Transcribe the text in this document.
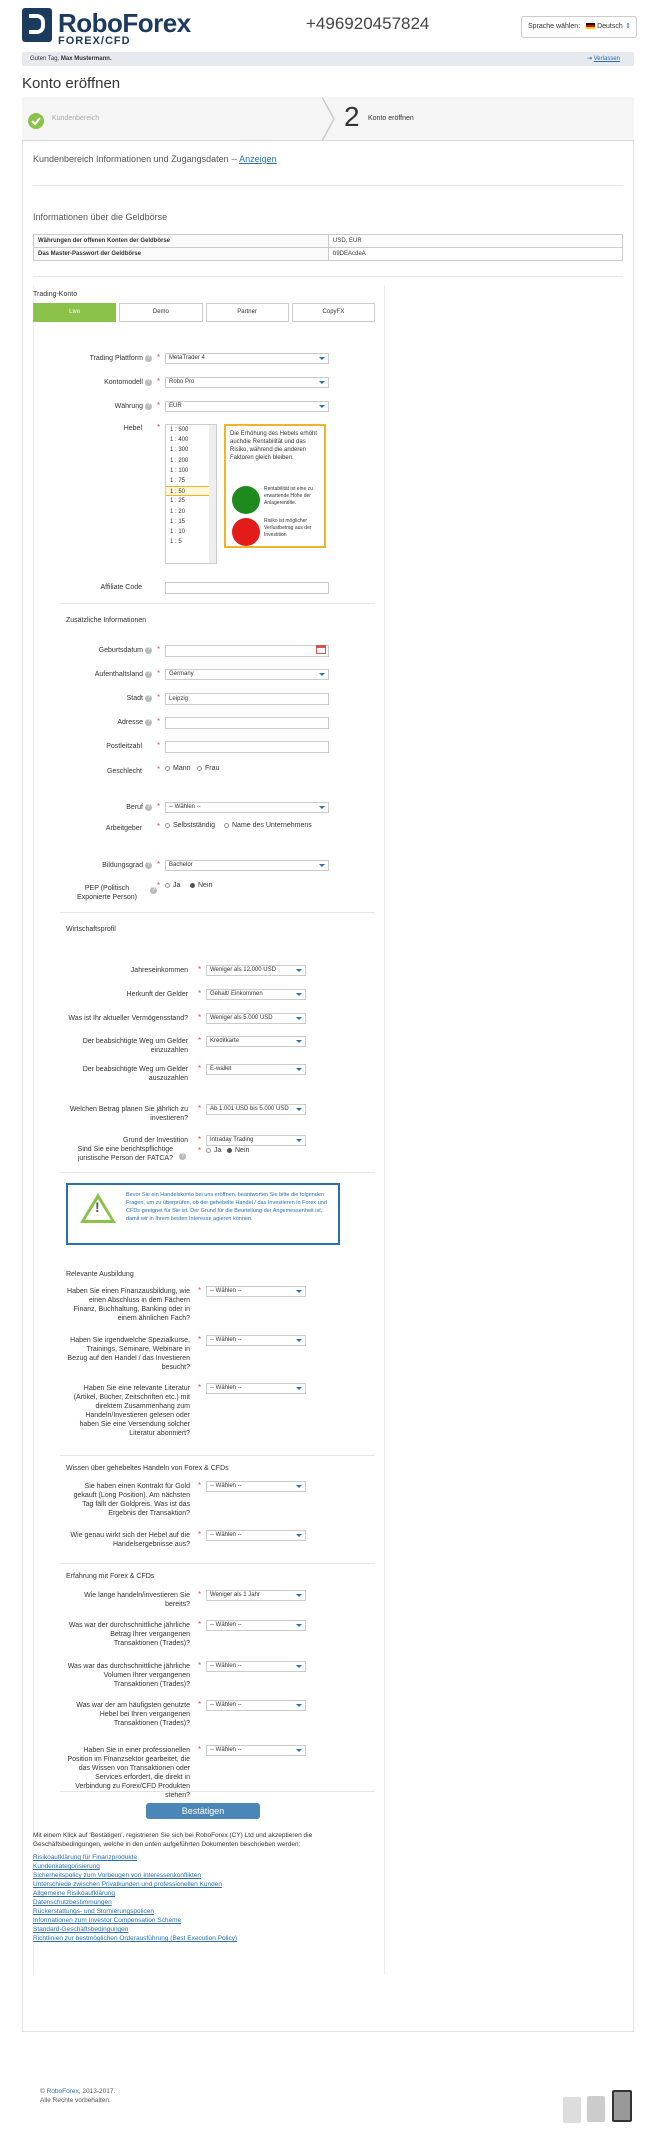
RoboForex
FOREX/CFD
+496920457824	Sprache wählen: Deutsch ⇕
Guten Tag, Max Mustermann.	⇥ Verlassen
Konto eröffnen
Kundenbereich	2 Konto eröffnen
Kundenbereich Informationen und Zugangsdaten -- Anzeigen
Informationen über die Geldbörse
Währungen der offenen Konten der Geldbörse	USD, EUR
Das Master-Passwort der Geldbörse	b9DEAcdeA
Trading-Konto
Live	Demo	Partner	CopyFX
Trading Plattform ? *	MetaTrader 4
Kontomodell ? *	Robo Pro
Währung ? *	EUR
Hebel *	1 : 500
1 : 400
1 : 300
1 : 200
1 : 100
1 : 75
1 : 50
1 : 25
1 : 20
1 : 15
1 : 10
1 : 5
Die Erhöhung des Hebels erhöht auchdie Rentabilität und das Risiko, während die anderen Faktoren gleich bleiben.
Rentabilität ist eine zu erwartende Höhe der Anlagerendite.
Risiko ist möglicher Verlustbetrag aus der Investition
Affiliate Code
Zusätzliche Informationen
Geburtsdatum ? *
Aufenthaltsland ? *	Germany
Stadt ? *	Leipzig
Adresse ? *
Postleitzahl *
Geschlecht *	Mann	Frau
Beruf ? *	-- Wählen --
Arbeitgeber *	Selbstständig	Name des Unternehmens
Bildungsgrad ? *	Bachelor
PEP (Politisch Exponierte Person)
?
*	Ja	Nein
Wirtschaftsprofil
Jahreseinkommen *	Weniger als 12.000 USD
Herkunft der Gelder *	Gehalt/ Einkommen
Was ist Ihr aktueller Vermögensstand? *	Weniger als 5.000 USD
Der beabsichtigte Weg um Gelder einzuzahlen
*	Kreditkarte
Der beabsichtigte Weg um Gelder auszuzahlen
*	E-wallet
Welchen Betrag planen Sie jährlich zu investieren?
*	Ab 1.001 USD bis 5.000 USD
Grund der Investition *	Intraday Trading
Sind Sie eine berichtspflichtige juristische Person der FATCA?	?
*	Ja	Nein
!
Bevor Sie ein Handelskonto bei uns eröffnen, beantworten Sie bitte die folgenden Fragen, um zu überprüfen, ob der gehebelte Handel / das Investieren in Forex und CFDs geeignet für Sie ist. Der Grund für die Beurteilung der Angemessenheit ist, damit wir in Ihrem besten Interesse agieren können.
Relevante Ausbildung
Haben Sie einen Finanzausbildung, wie einen Abschluss in dem Fächern Finanz, Buchhaltung, Banking oder in einem ähnlichen Fach?
*	-- Wählen --
Haben Sie irgendwelche Spezialkurse, Trainings, Seminare, Webinare in Bezug auf den Handel / das Investieren besucht?
*	-- Wählen --
Haben Sie eine relevante Literatur (Artikel, Bücher, Zeitschriften etc.) mit direktem Zusammenhang zum Handeln/Investieren gelesen oder haben Sie eine Versendung solcher Literatur abonniert?
*	-- Wählen --
Wissen über gehebeltes Handeln von Forex & CFDs
Sie haben einen Kontrakt für Gold gekauft (Long Position). Am nächsten Tag fällt der Goldpreis. Was ist das Ergebnis der Transaktion?
*	-- Wählen --
Wie genau wirkt sich der Hebel auf die Handelsergebnisse aus?
*	-- Wählen --
Erfahrung mit Forex & CFDs
Wie lange handeln/investieren Sie bereits?
*	Weniger als 1 Jahr
Was war der durchschnittliche jährliche Betrag Ihrer vergangenen Transaktionen (Trades)?
*	-- Wählen --
Was war das durchschnittliche jährliche Volumen Ihrer vergangenen Transaktionen (Trades)?
*	-- Wählen --
Was war der am häufigsten genutzte Hebel bei Ihren vergangenen Transaktionen (Trades)?
*	-- Wählen --
Haben Sie in einer professionellen Position im Finanzsektor gearbeitet, die das Wissen von Transaktionen oder Services erfordert, die direkt in Verbindung zu Forex/CFD Produkten stehen?
*	-- Wählen --
Bestätigen
Mit einem Klick auf 'Bestätigen', registrieren Sie sich bei RoboForex (CY) Ltd und akzeptieren die Geschäftsbedingungen, welche in den unten aufgeführten Dokumenten beschrieben werden:
Risikoaufklärung für Finanzprodukte
Kundenkategorisierung
Sicherheitspolicy zum Vorbeugen von Interessenkonflikten
Unterschiede zwischen Privatkunden und professionellen Kunden
Allgemeine Risikoaufklärung
Datenschutzbestimmungen
Rückerstattungs- und Stornierungspolicen
Informationen zum Investor Compensation Scheme
Standard-Geschäftsbedingungen
Richtlinien zur bestmöglichen Orderausführung (Best Execution Policy)
© RoboForex, 2013-2017.
Alle Rechte vorbehalten.
